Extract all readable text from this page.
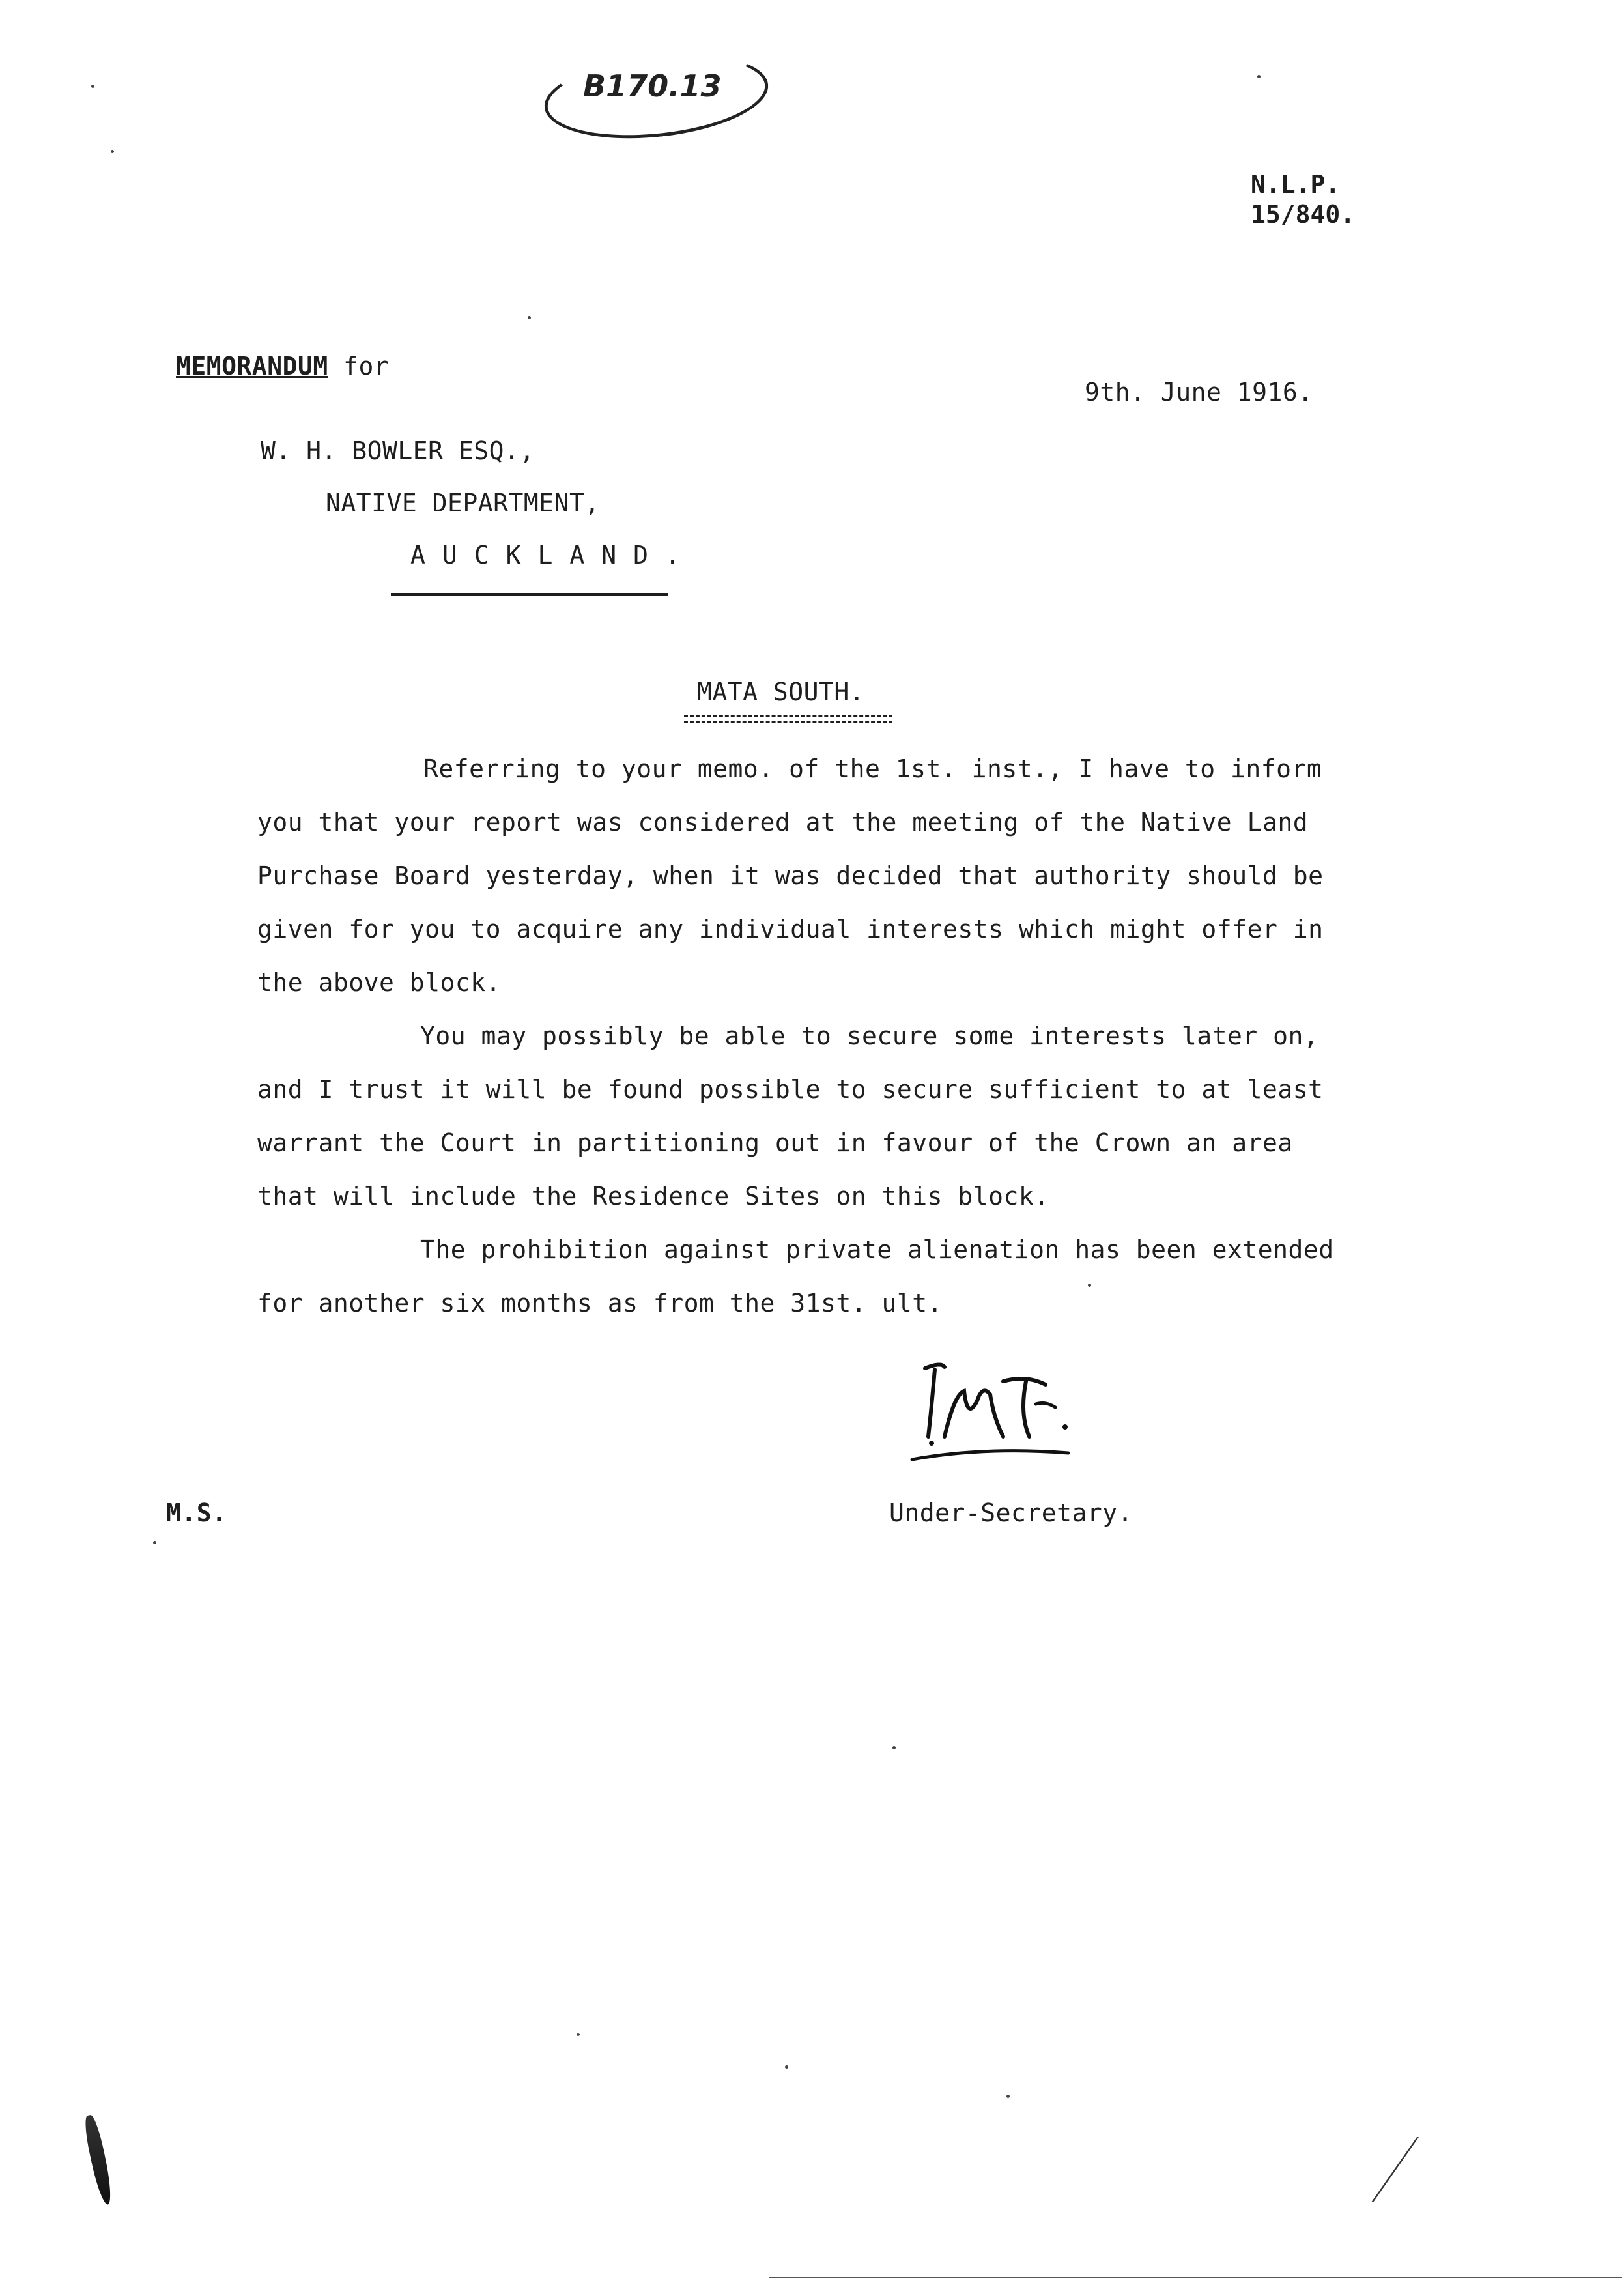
B170.13
N.L.P.
15/840.
MEMORANDUM for
9th. June 1916.
W. H. BOWLER ESQ.,
NATIVE DEPARTMENT,
AUCKLAND.
MATA SOUTH.
Referring to your memo. of the 1st. inst., I have to inform
you that your report was considered at the meeting of the Native Land
Purchase Board yesterday, when it was decided that authority should be
given for you to acquire any individual interests which might offer in
the above block.
You may possibly be able to secure some interests later on,
and I trust it will be found possible to secure sufficient to at least
warrant the Court in partitioning out in favour of the Crown an area
that will include the Residence Sites on this block.
The prohibition against private alienation has been extended
for another six months as from the 31st. ult.
Under-Secretary.
M.S.
